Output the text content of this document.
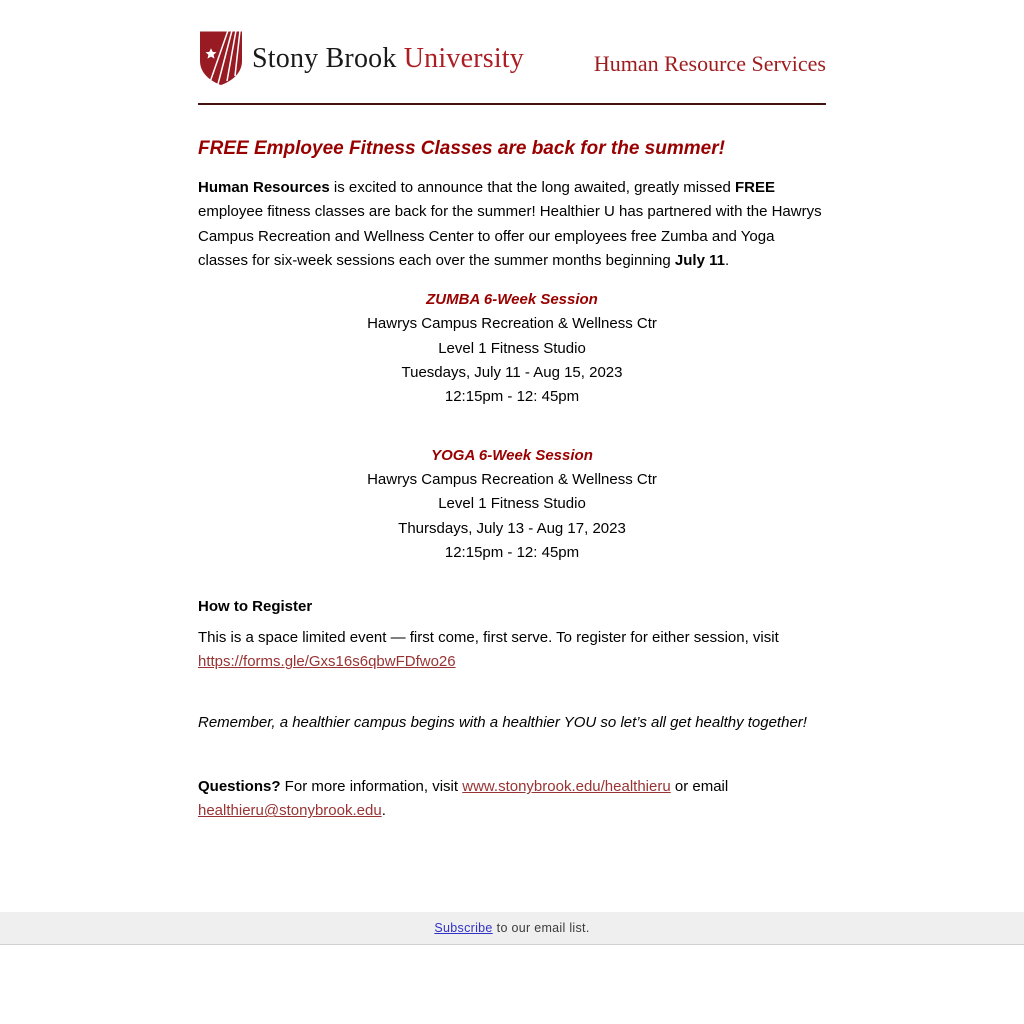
Stony Brook University	Human Resource Services
FREE Employee Fitness Classes are back for the summer!

Human Resources is excited to announce that the long awaited, greatly missed FREE employee fitness classes are back for the summer! Healthier U has partnered with the Hawrys Campus Recreation and Wellness Center to offer our employees free Zumba and Yoga classes for six-week sessions each over the summer months beginning July 11.

ZUMBA 6-Week Session
Hawrys Campus Recreation & Wellness Ctr
Level 1 Fitness Studio
Tuesdays, July 11 - Aug 15, 2023
12:15pm - 12: 45pm
YOGA 6-Week Session
Hawrys Campus Recreation & Wellness Ctr
Level 1 Fitness Studio
Thursdays, July 13 - Aug 17, 2023
12:15pm - 12: 45pm
How to Register

This is a space limited event — first come, first serve. To register for either session, visit https://forms.gle/Gxs16s6qbwFDfwo26

Remember, a healthier campus begins with a healthier YOU so let’s all get healthy together!

Questions? For more information, visit www.stonybrook.edu/healthieru or email healthieru@stonybrook.edu.

Subscribe to our email list.
